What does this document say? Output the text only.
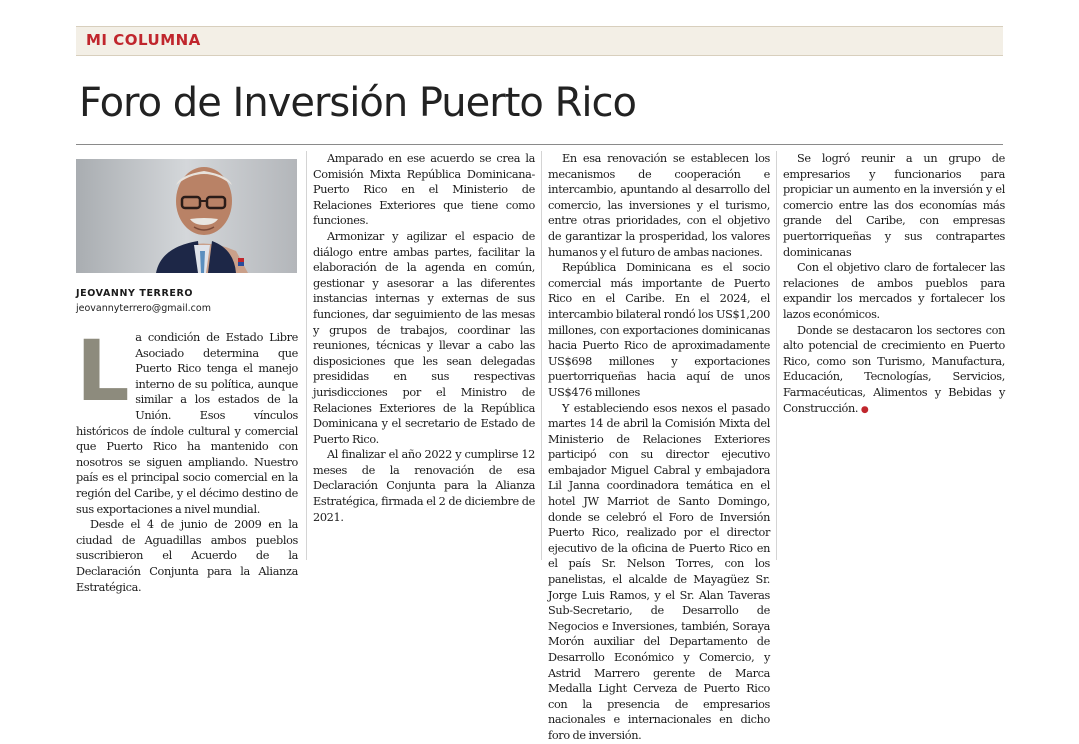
MI COLUMNA
Foro de Inversión Puerto Rico
JEOVANNY TERRERO
jeovannyterrero@gmail.com

La condición de Estado Libre Asociado determina que Puerto Rico tenga el manejo interno de su política, aunque similar a los estados de la Unión. Esos vínculos históricos de índole cultural y comercial que Puerto Rico ha mantenido con nosotros se siguen ampliando. Nuestro país es el principal socio comercial en la región del Caribe, y el décimo destino de sus exportaciones a nivel mundial.

Desde el 4 de junio de 2009 en la ciudad de Aguadillas ambos pueblos suscribieron el Acuerdo de la Declaración Conjunta para la Alianza Estratégica.

Amparado en ese acuerdo se crea la Comisión Mixta República Dominicana-Puerto Rico en el Ministerio de Relaciones Exteriores que tiene como funciones.

Armonizar y agilizar el espacio de diálogo entre ambas partes, facilitar la elaboración de la agenda en común, gestionar y asesorar a las diferentes instancias internas y externas de sus funciones, dar seguimiento de las mesas y grupos de trabajos, coordinar las reuniones, técnicas y llevar a cabo las disposiciones que les sean delegadas presididas en sus respectivas jurisdicciones por el Ministro de Relaciones Exteriores de la República Dominicana y el secretario de Estado de Puerto Rico.

Al finalizar el año 2022 y cumplirse 12 meses de la renovación de esa Declaración Conjunta para la Alianza Estratégica, firmada el 2 de diciembre de 2021.

En esa renovación se establecen los mecanismos de cooperación e intercambio, apuntando al desarrollo del comercio, las inversiones y el turismo, entre otras prioridades, con el objetivo de garantizar la prosperidad, los valores humanos y el futuro de ambas naciones.

República Dominicana es el socio comercial más importante de Puerto Rico en el Caribe. En el 2024, el intercambio bilateral rondó los US$1,200 millones, con exportaciones dominicanas hacia Puerto Rico de aproximadamente US$698 millones y exportaciones puertorriqueñas hacia aquí de unos US$476 millones

Y estableciendo esos nexos el pasado martes 14 de abril la Comisión Mixta del Ministerio de Relaciones Exteriores participó con su director ejecutivo embajador Miguel Cabral y embajadora Lil Janna coordinadora temática en el hotel JW Marriot de Santo Domingo, donde se celebró el Foro de Inversión Puerto Rico, realizado por el director ejecutivo de la oficina de Puerto Rico en el país Sr. Nelson Torres, con los panelistas, el alcalde de Mayagüez Sr. Jorge Luis Ramos, y el Sr. Alan Taveras Sub-Secretario, de Desarrollo de Negocios e Inversiones, también, Soraya Morón auxiliar del Departamento de Desarrollo Económico y Comercio, y Astrid Marrero gerente de Marca Medalla Light Cerveza de Puerto Rico con la presencia de empresarios nacionales e internacionales en dicho foro de inversión.

Se logró reunir a un grupo de empresarios y funcionarios para propiciar un aumento en la inversión y el comercio entre las dos economías más grande del Caribe, con empresas puertorriqueñas y sus contrapartes dominicanas

Con el objetivo claro de fortalecer las relaciones de ambos pueblos para expandir los mercados y fortalecer los lazos económicos.

Donde se destacaron los sectores con alto potencial de crecimiento en Puerto Rico, como son Turismo, Manufactura, Educación, Tecnologías, Servicios, Farmacéuticas, Alimentos y Bebidas y Construcción. ●
